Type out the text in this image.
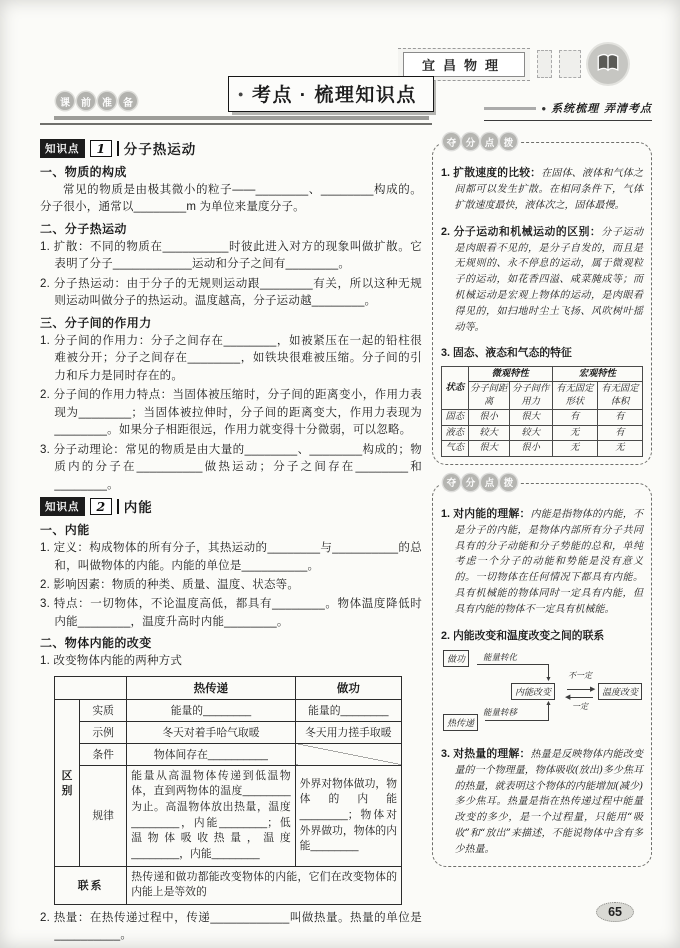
宜昌物理
课	前	准	备
● 考点 · 梳理知识点
● 系统梳理 弄清考点
知识点	1	分子热运动
一、物质的构成

常见的物质是由极其微小的粒子——________、________构成的。分子很小，通常以________m 为单位来量度分子。

二、分子热运动

1. 扩散：不同的物质在__________时彼此进入对方的现象叫做扩散。它表明了分子____________运动和分子之间有________。

2. 分子热运动：由于分子的无规则运动跟________有关，所以这种无规则运动叫做分子的热运动。温度越高，分子运动越________。

三、分子间的作用力

1. 分子间的作用力：分子之间存在________，如被紧压在一起的铅柱很难被分开；分子之间存在________，如铁块很难被压缩。分子间的引力和斥力是同时存在的。

2. 分子间的作用力特点：当固体被压缩时，分子间的距离变小，作用力表现为________；当固体被拉伸时，分子间的距离变大，作用力表现为________。如果分子相距很远，作用力就变得十分微弱，可以忽略。

3. 分子动理论：常见的物质是由大量的________、________构成的；物质内的分子在__________做热运动；分子之间存在________和________。

知识点	2	内能
一、内能

1. 定义：构成物体的所有分子，其热运动的________与__________的总和，叫做物体的内能。内能的单位是__________。

2. 影响因素：物质的种类、质量、温度、状态等。

3. 特点：一切物体，不论温度高低，都具有________。物体温度降低时内能________，温度升高时内能________。

二、物体内能的改变

1. 改变物体内能的两种方式

		热传递	做功
区别	实质	能量的________	能量的________
	示例	冬天对着手哈气取暖	冬天用力搓手取暖
	条件	物体间存在__________	
	规律	能量从高温物体传递到低温物体，直到两物体的温度________为止。高温物体放出热量，温度________，内能________；低温物体吸收热量，温度________，内能________	外界对物体做功，物体的内能________；物体对外界做功，物体的内能________
联系		热传递和做功都能改变物体的内能，它们在改变物体的内能上是等效的	

2. 热量：在热传递过程中，传递____________叫做热量。热量的单位是__________。

夺 分 点 拨

1. 扩散速度的比较：在固体、液体和气体之间都可以发生扩散。在相同条件下，气体扩散速度最快，液体次之，固体最慢。

2. 分子运动和机械运动的区别：分子运动是肉眼看不见的，是分子自发的，而且是无规则的、永不停息的运动，属于微观粒子的运动，如花香四溢、咸菜腌成等；而机械运动是宏观上物体的运动，是肉眼看得见的，如扫地时尘土飞扬、风吹树叶摇动等。

3. 固态、液态和气态的特征

状态	微观特性		宏观特性	
	分子间距离	分子间作用力	有无固定形状	有无固定体积
固态	很小	很大	有	有
液态	较大	较大	无	有
气态	很大	很小	无	无
夺 分 点 拨

1. 对内能的理解：内能是指物体的内能，不是分子的内能，是物体内部所有分子共同具有的分子动能和分子势能的总和，单纯考虑一个分子的动能和势能是没有意义的。一切物体在任何情况下都具有内能。具有机械能的物体同时一定具有内能，但具有内能的物体不一定具有机械能。

2. 内能改变和温度改变之间的联系

做功	能量转化
▼
内能改变	温度改变
不一定
▶
◀
一定
热传递
能量转移
▲

3. 对热量的理解：热量是反映物体内能改变量的一个物理量，物体吸收(放出)多少焦耳的热量，就表明这个物体的内能增加(减少)多少焦耳。热量是指在热传递过程中能量改变的多少，是一个过程量，只能用“吸收”和“放出”来描述，不能说物体中含有多少热量。

65
